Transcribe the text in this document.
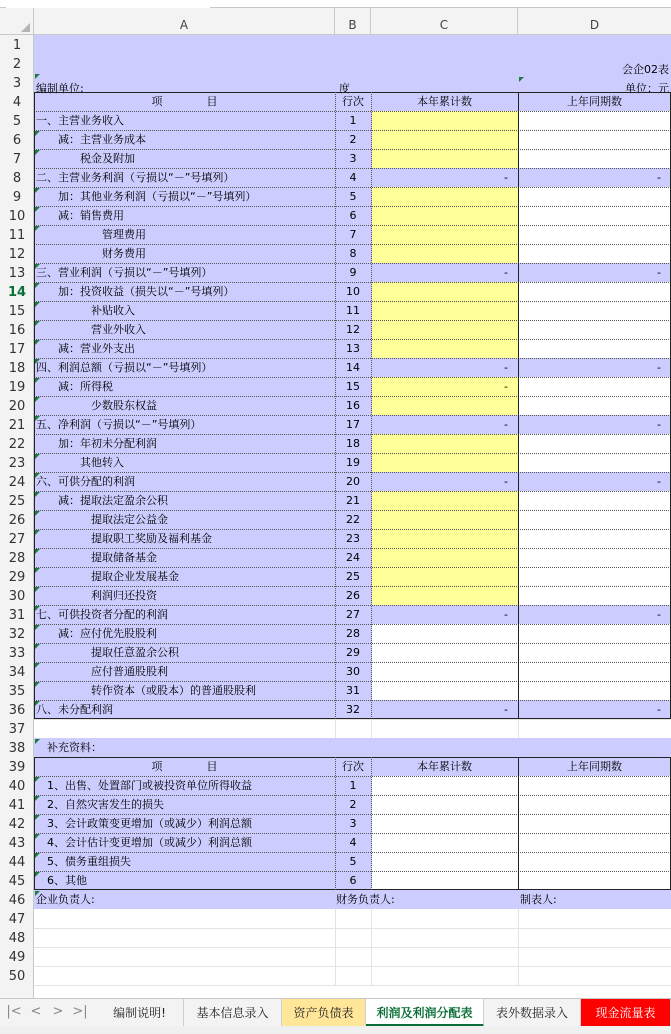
A	B	C	D
1
2
3
4
5
6
7
8
9
10
11
12
13
14
15
16
17
18
19
20
21
22
23
24
25
26
27
28
29
30
31
32
33
34
35
36
37
38
39
40
41
42
43
44
45
46
47
48
49
50
一、主营业务收入	1
　　减：主营业务成本	2
　　　　税金及附加	3
二、主营业务利润（亏损以“－”号填列）	4	-	-
　　加：其他业务利润（亏损以“－”号填列）	5
　　减：销售费用	6
　　　　　　管理费用	7
　　　　　　财务费用	8
三、营业利润（亏损以“－”号填列）	9	-	-
　　加：投资收益（损失以“－”号填列）	10
　　　　　补贴收入	11
　　　　　营业外收入	12
　　减：营业外支出	13
四、利润总额（亏损以“－”号填列）	14	-	-
　　减：所得税	15	-
　　　　　少数股东权益	16
五、净利润（亏损以“－”号填列）	17	-	-
　　加：年初未分配利润	18
　　　　其他转入	19
六、可供分配的利润	20	-	-
　　减：提取法定盈余公积	21
　　　　　提取法定公益金	22
　　　　　提取职工奖励及福利基金	23
　　　　　提取储备基金	24
　　　　　提取企业发展基金	25
　　　　　利润归还投资	26
七、可供投资者分配的利润	27	-	-
　　减：应付优先股股利	28
　　　　　提取任意盈余公积	29
　　　　　应付普通股股利	30
　　　　　转作资本（或股本）的普通股股利	31
八、未分配利润	32	-	-
　1、出售、处置部门或被投资单位所得收益	1
　2、自然灾害发生的损失	2
　3、会计政策变更增加（或减少）利润总额	3
　4、会计估计变更增加（或减少）利润总额	4
　5、债务重组损失	5
　6、其他	6
项　　　　目	行次	本年累计数	上年同期数
项　　　　目	行次	本年累计数	上年同期数
会企02表
单位：元
编制单位:	度
　补充资料：
企业负责人:	财务负责人:	制表人:
|< < > >|	编制说明!	基本信息录入	资产负债表	利润及利润分配表	表外数据录入	现金流量表
